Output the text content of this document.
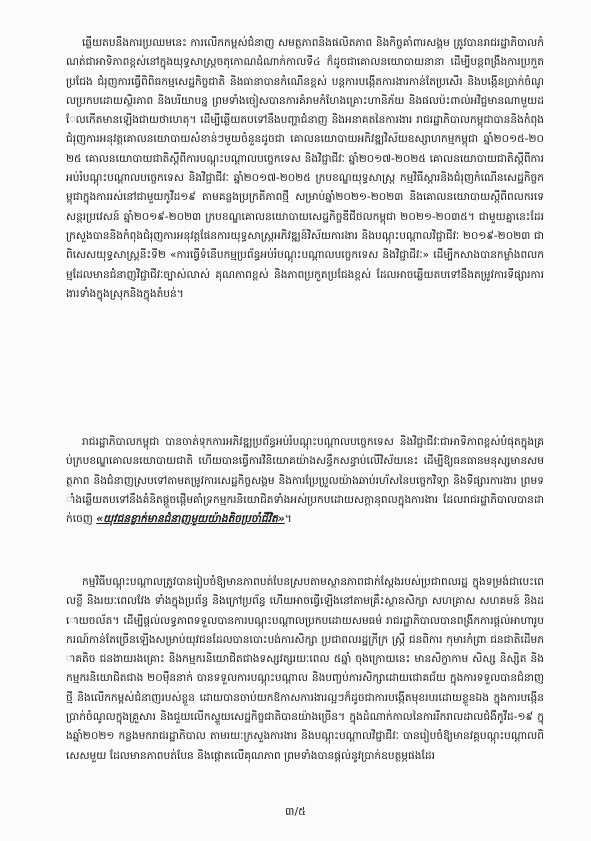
ឆ្លើយតបនឹងការប្រឈមនេះ ការលើកកម្ពស់ជំនាញ សមត្ថភាពនិងផលិតភាព និងកិច្ចគាំពារសង្គម ត្រូវបានរាជរដ្ឋាភិបាលកំណត់ជាអាទិភាពខ្ពស់នៅក្នុងយុទ្ធសាស្ត្រចតុកោណដំណាក់កាលទី៤ ក៏ដូចជាគោលនយោបាយនានា ដើម្បីបន្តពង្រឹងការប្រកួតប្រជែង ជំរុញការធ្វើពិពិធកម្មសេដ្ឋកិច្ចជាតិ និងធានាបានកំណើនខ្ពស់ បន្តការបង្កើតការងារកាន់តែប្រសើរ និងបង្កើនប្រាក់ចំណូលប្រកបដោយស្ថិរភាព និងបរិយាបន្ន ព្រមទាំងចៀសបានការគំរាមកំហែងគ្រោះហានិភ័យ និងផលប៉ះពាល់អវិជ្ជមានណាមួយដែលកើតមានឡើងជាយថាហេតុ។ ដើម្បីឆ្លើយតបទៅនឹងបញ្ហាជំនាញ និងអនាគតនៃការងារ រាជរដ្ឋាភិបាលកម្ពុជាបាននិងកំពុងជំរុញការអនុវត្តគោលនយោបាយសំខាន់ៗមួយចំនួនដូចជា គោលនយោបាយអភិវឌ្ឍវិស័យឧស្សាហកម្មកម្ពុជា ឆ្នាំ២០១៥-២០២៥ គោលនយោបាយជាតិស្តីពីការបណ្តុះបណ្តាលបច្ចេកទេស និងវិជ្ជាជីវៈ ឆ្នាំ២០១៧-២០២៥ គោលនយោបាយជាតិស្តីពីការអប់រំបណ្តុះបណ្តាលបច្ចេកទេស និងវិជ្ជាជីវៈ ឆ្នាំ២០១៧-២០២៥ ក្របខណ្ឌយុទ្ធសាស្ត្រ កម្មវិធីស្តារនិងជំរុញកំណើនសេដ្ឋកិច្ចកម្ពុជាក្នុងការរស់នៅជាមួយកូវីដ១៩ តាមគន្លងប្រក្រតីភាពថ្មី សម្រាប់ឆ្នាំ២០២១-២០២៣ និងគោលនយោបាយស្តីពីពលករទេសន្តរប្រវេសន៍ ឆ្នាំ២០១៩-២០២៣ ក្របខណ្ឌគោលនយោបាយសេដ្ឋកិច្ចឌីជីថលកម្ពុជា ២០២១-២០៣៥។ ជាមួយគ្នានេះដែរ ក្រសួងបាននិងកំពុងជំរុញការអនុវត្តផែនការយុទ្ធសាស្ត្រអភិវឌ្ឍន៍វិស័យការងារ និងបណ្តុះបណ្តាលវិជ្ជាជីវៈ ២០១៩-២០២៣ ជាពិសេសយុទ្ធសាស្ត្រនីះទី២ «ការធ្វើទំនើបកម្មប្រព័ន្ធអប់រំបណ្តុះបណ្តាលបច្ចេកទេស និងវិជ្ជាជីវៈ» ដើម្បីកសាងបានកម្លាំងពលកម្មដែលមានជំនាញវិជ្ជាជីវៈច្បាស់លាស់ គុណភាពខ្ពស់ និងភាពប្រកួតប្រជែងខ្ពស់ ដែលអាចឆ្លើយតបទៅនឹងតម្រូវការទីផ្សារការងារទាំងក្នុងស្រុកនិងក្នុងតំបន់។
រាជរដ្ឋាភិបាលកម្ពុជា បានចាត់ទុកការអភិវឌ្ឍប្រព័ន្ធអប់រំបណ្តុះបណ្តាលបច្ចេកទេស និងវិជ្ជាជីវៈជាអាទិភាពខ្ពស់បំផុតក្នុងគ្រប់ក្របខណ្ឌគោលនយោបាយជាតិ ហើយបានធ្វើការវិនិយោគយ៉ាងសន្ធឹកសន្ធាប់លើវិស័យនេះ ដើម្បីឱ្យធនធានមនុស្សមានសមត្ថភាព និងជំនាញស្របទៅតាមតម្រូវការសេដ្ឋកិច្ចសង្គម និងការប្រែប្រួលយ៉ាងឆាប់រហ័សនៃបច្ចេកវិទ្យា និងទីផ្សារការងារ ព្រមទាំងឆ្លើយតបទៅនឹងគំនិតផ្តួចផ្តើមគាំទ្រកម្មករនិយោជិតទាំងអស់ប្រកបដោយសក្តានុពលក្នុងការងារ ដែលរាជរដ្ឋាភិបាលបានដាក់ចេញ «យុវជនខ្លាក់មានជំនាញមួយយ៉ាងតិចប្រចាំជីវិត»។
កម្មវិធីបណ្តុះបណ្តាលត្រូវបានរៀបចំឱ្យមានភាពបត់បែនស្របតាមស្ថានភាពជាក់ស្តែងរបស់ប្រជាពលរដ្ឋ ក្នុងទម្រង់ជាបេះពេលខ្លី និងរយៈពេលវែង ទាំងក្នុងប្រព័ន្ធ និងក្រៅប្រព័ន្ធ ហើយអាចធ្វើឡើងនៅតាមគ្រឹះស្ថានសិក្សា សហគ្រាស សហគមន៍ និងដោយចល័ត។ ដើម្បីផ្តល់លទ្ធភាពទទួលបានការបណ្តុះបណ្តាលប្រកបដោយសមធម៌ រាជរដ្ឋាភិបាលបានពង្រីកការផ្តល់អាហារូបករណ៍កាន់តែច្រើនឡើងសម្រាប់យុវជនដែលបានបោះបង់ការសិក្សា ប្រជាពលរដ្ឋក្រីក្រ ស្ត្រី ជនពិការ កុមារកំព្រា ជនជាតិដើមភាគតិច ជនងាយរងគ្រោះ និងកម្មករនិយោជិតជាងទស្សវត្សរយៈពេល ៥ឆ្នាំ ចុងក្រោយនេះ មានសិក្ខាកាម សិស្ស និស្សិត និងកម្មករនិយោជិតជាង ២០ម៉ឺននាក់ បានទទួលការបណ្តុះបណ្តាល និងបញ្ចប់ការសិក្សាដោយជោគជ័យ ក្នុងការទទួលបានជំនាញថ្មី និងលើកកម្ពស់ជំនាញរបស់ខ្លួន ដោយបានចាប់យកឱកាសការងារល្អៗក៏ដូចជាការបង្កើតមុខរបរដោយខ្លួនឯង ក្នុងការបង្កើនប្រាក់ចំណូលក្នុងគ្រួសារ និងជួយលើកស្ទួយសេដ្ឋកិច្ចជាតិបានយ៉ាងច្រើន។ ក្នុងដំណាក់កាលនៃការរីករាលដាលជំងឺកូវីដ-១៩ ក្នុងឆ្នាំ២០២១ កន្លងមករាជរដ្ឋាភិបាល តាមរយៈក្រសួងការងារ និងបណ្តុះបណ្តាលវិជ្ជាជីវៈ បានរៀបចំឱ្យមានវគ្គបណ្តុះបណ្តាលពិសេសមួយ ដែលមានភាពបត់បែន និងផ្តោតលើគុណភាព ព្រមទាំងបានផ្តល់នូវប្រាក់ឧបត្ថម្ភផងដែរ
៣/៥
